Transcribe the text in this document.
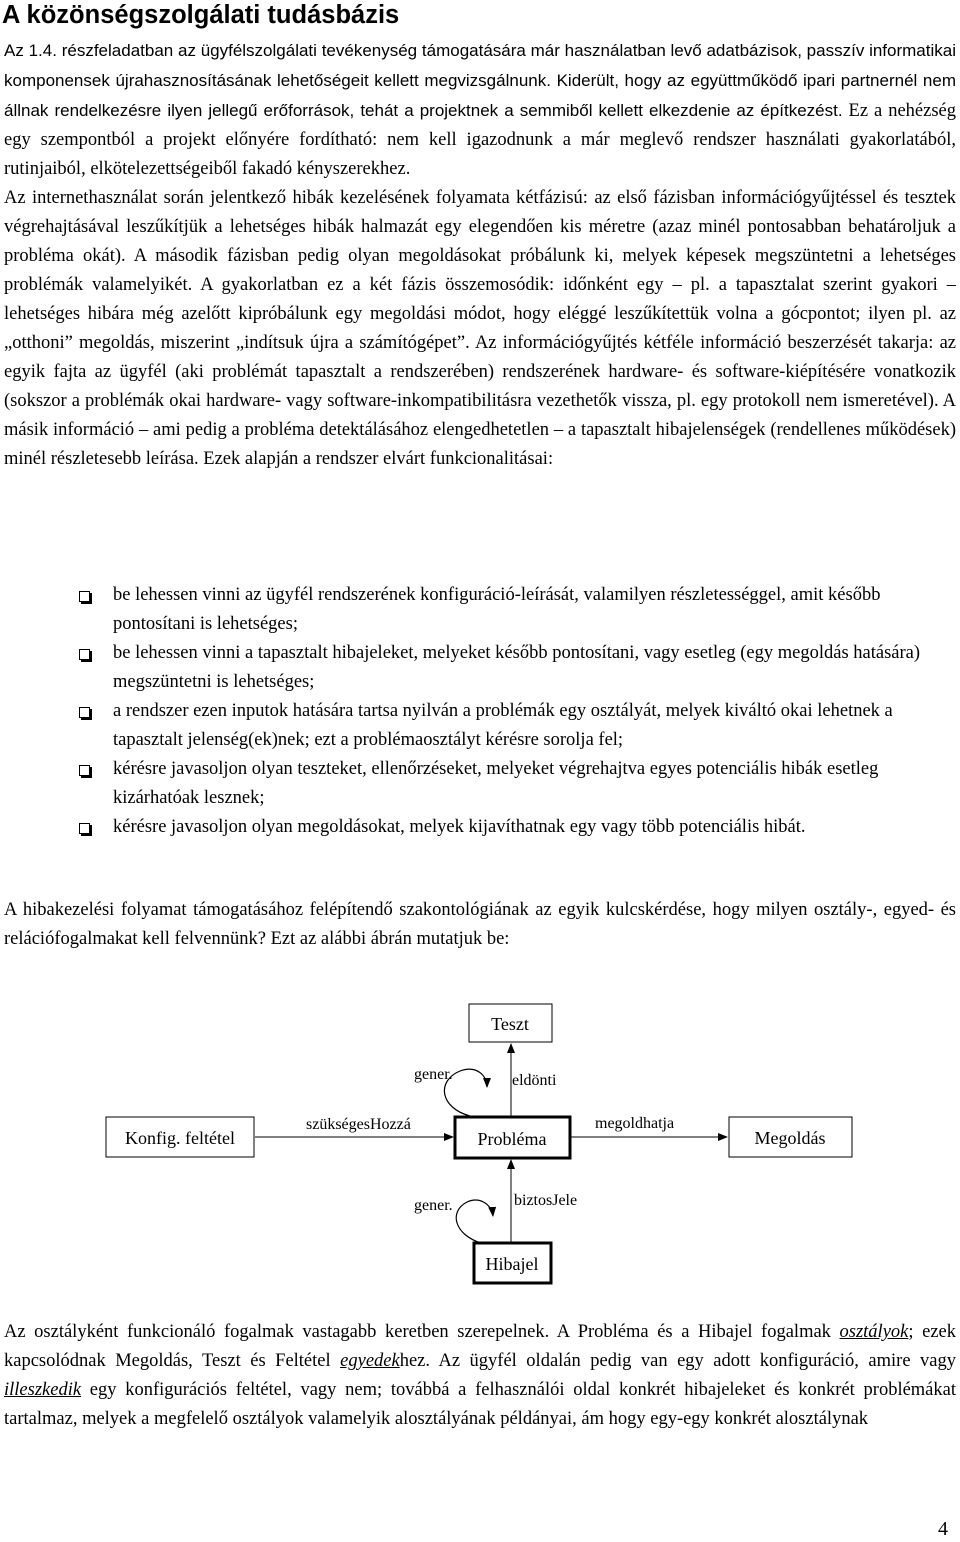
A közönségszolgálati tudásbázis

Az 1.4. részfeladatban az ügyfélszolgálati tevékenység támogatására már használatban levő adatbázisok, passzív informatikai komponensek újrahasznosításának lehetőségeit kellett megvizsgálnunk. Kiderült, hogy az együttműködő ipari partnernél nem állnak rendelkezésre ilyen jellegű erőforrások, tehát a projektnek a semmiből kellett elkezdenie az építkezést. Ez a nehézség egy szempontból a projekt előnyére fordítható: nem kell igazodnunk a már meglevő rendszer használati gyakorlatából, rutinjaiból, elkötelezettségeiből fakadó kényszerekhez.

Az internethasználat során jelentkező hibák kezelésének folyamata kétfázisú: az első fázisban információgyűjtéssel és tesztek végrehajtásával leszűkítjük a lehetséges hibák halmazát egy elegendően kis méretre (azaz minél pontosabban behatároljuk a probléma okát). A második fázisban pedig olyan megoldásokat próbálunk ki, melyek képesek megszüntetni a lehetséges problémák valamelyikét. A gyakorlatban ez a két fázis összemosódik: időnként egy – pl. a tapasztalat szerint gyakori – lehetséges hibára még azelőtt kipróbálunk egy megoldási módot, hogy eléggé leszűkítettük volna a gócpontot; ilyen pl. az „otthoni” megoldás, miszerint „indítsuk újra a számítógépet”. Az információgyűjtés kétféle információ beszerzését takarja: az egyik fajta az ügyfél (aki problémát tapasztalt a rendszerében) rendszerének hardware- és software-kiépítésére vonatkozik (sokszor a problémák okai hardware- vagy software-inkompatibilitásra vezethetők vissza, pl. egy protokoll nem ismeretével). A másik információ – ami pedig a probléma detektálásához elengedhetetlen – a tapasztalt hibajelenségek (rendellenes működések) minél részletesebb leírása. Ezek alapján a rendszer elvárt funkcionalitásai:

be lehessen vinni az ügyfél rendszerének konfiguráció-leírását, valamilyen részletességgel, amit később pontosítani is lehetséges;
be lehessen vinni a tapasztalt hibajeleket, melyeket később pontosítani, vagy esetleg (egy megoldás hatására) megszüntetni is lehetséges;
a rendszer ezen inputok hatására tartsa nyilván a problémák egy osztályát, melyek kiváltó okai lehetnek a tapasztalt jelenség(ek)nek; ezt a problémaosztályt kérésre sorolja fel;
kérésre javasoljon olyan teszteket, ellenőrzéseket, melyeket végrehajtva egyes potenciális hibák esetleg kizárhatóak lesznek;
kérésre javasoljon olyan megoldásokat, melyek kijavíthatnak egy vagy több potenciális hibát.

A hibakezelési folyamat támogatásához felépítendő szakontológiának az egyik kulcskérdése, hogy milyen osztály-, egyed- és relációfogalmakat kell felvennünk? Ezt az alábbi ábrán mutatjuk be:

Teszt
Konfig. feltétel	Probléma	Megoldás
Hibajel
gener.	eldönti
szükségesHozzá	megoldhatja
gener.	biztosJele

Az osztályként funkcionáló fogalmak vastagabb keretben szerepelnek. A Probléma és a Hibajel fogalmak osztályok; ezek kapcsolódnak Megoldás, Teszt és Feltétel egyedekhez. Az ügyfél oldalán pedig van egy adott konfiguráció, amire vagy illeszkedik egy konfigurációs feltétel, vagy nem; továbbá a felhasználói oldal konkrét hibajeleket és konkrét problémákat tartalmaz, melyek a megfelelő osztályok valamelyik alosztályának példányai, ám hogy egy-egy konkrét alosztálynak

4
